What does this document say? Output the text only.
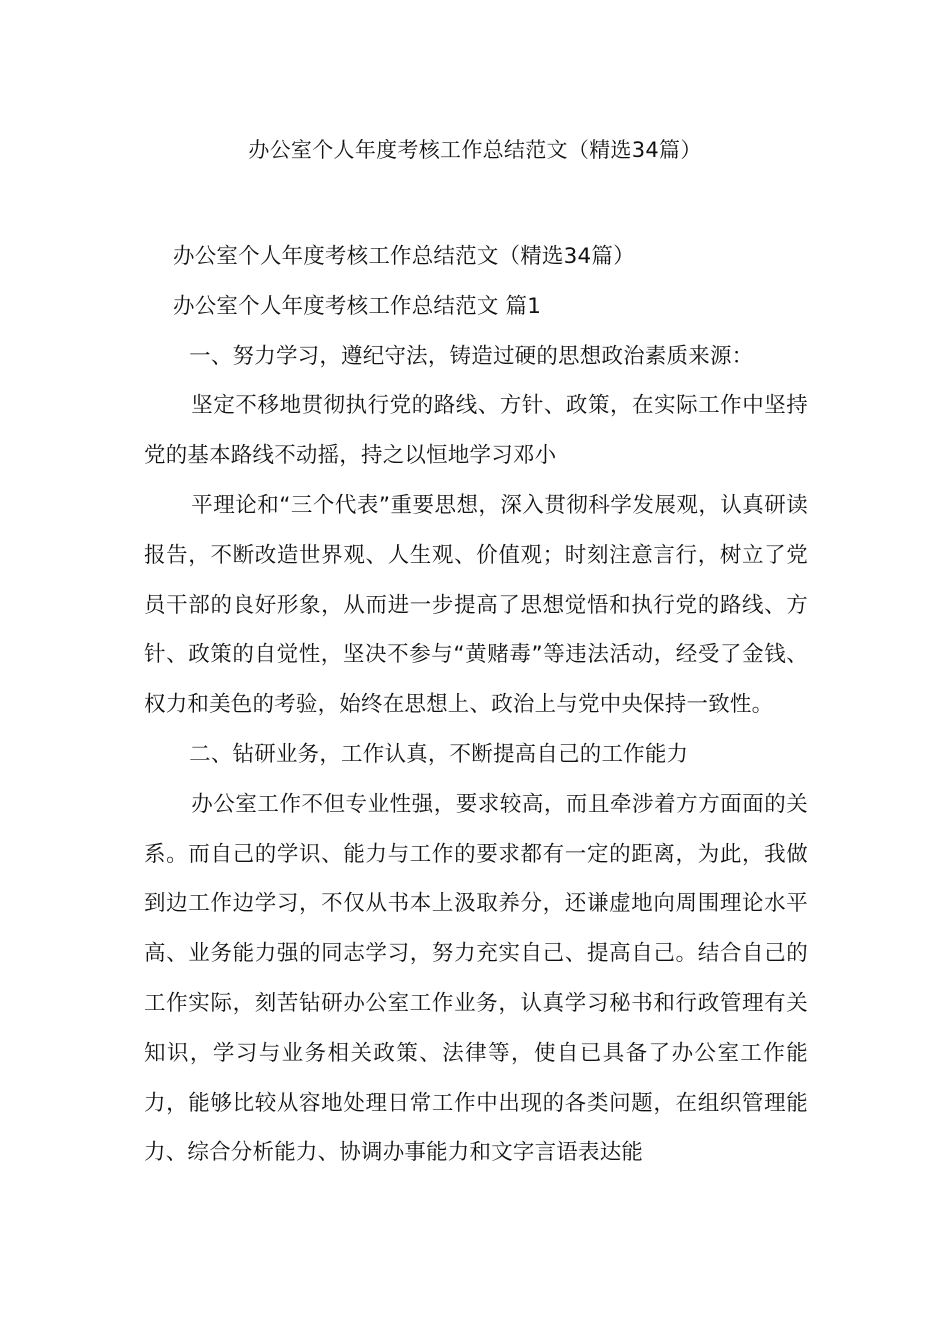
办公室个人年度考核工作总结范文（精选34篇）

办公室个人年度考核工作总结范文（精选34篇）

办公室个人年度考核工作总结范文 篇1

一、努力学习，遵纪守法，铸造过硬的思想政治素质来源：

坚定不移地贯彻执行党的路线、方针、政策，在实际工作中坚持党的基本路线不动摇，持之以恒地学习邓小

平理论和“三个代表”重要思想，深入贯彻科学发展观，认真研读报告，不断改造世界观、人生观、价值观；时刻注意言行，树立了党员干部的良好形象，从而进一步提高了思想觉悟和执行党的路线、方针、政策的自觉性，坚决不参与“黄赌毒”等违法活动，经受了金钱、权力和美色的考验，始终在思想上、政治上与党中央保持一致性。

二、钻研业务，工作认真，不断提高自己的工作能力

办公室工作不但专业性强，要求较高，而且牵涉着方方面面的关系。而自己的学识、能力与工作的要求都有一定的距离，为此，我做到边工作边学习，不仅从书本上汲取养分，还谦虚地向周围理论水平高、业务能力强的同志学习，努力充实自己、提高自己。结合自己的工作实际，刻苦钻研办公室工作业务，认真学习秘书和行政管理有关知识，学习与业务相关政策、法律等，使自已具备了办公室工作能力，能够比较从容地处理日常工作中出现的各类问题，在组织管理能力、综合分析能力、协调办事能力和文字言语表达能
